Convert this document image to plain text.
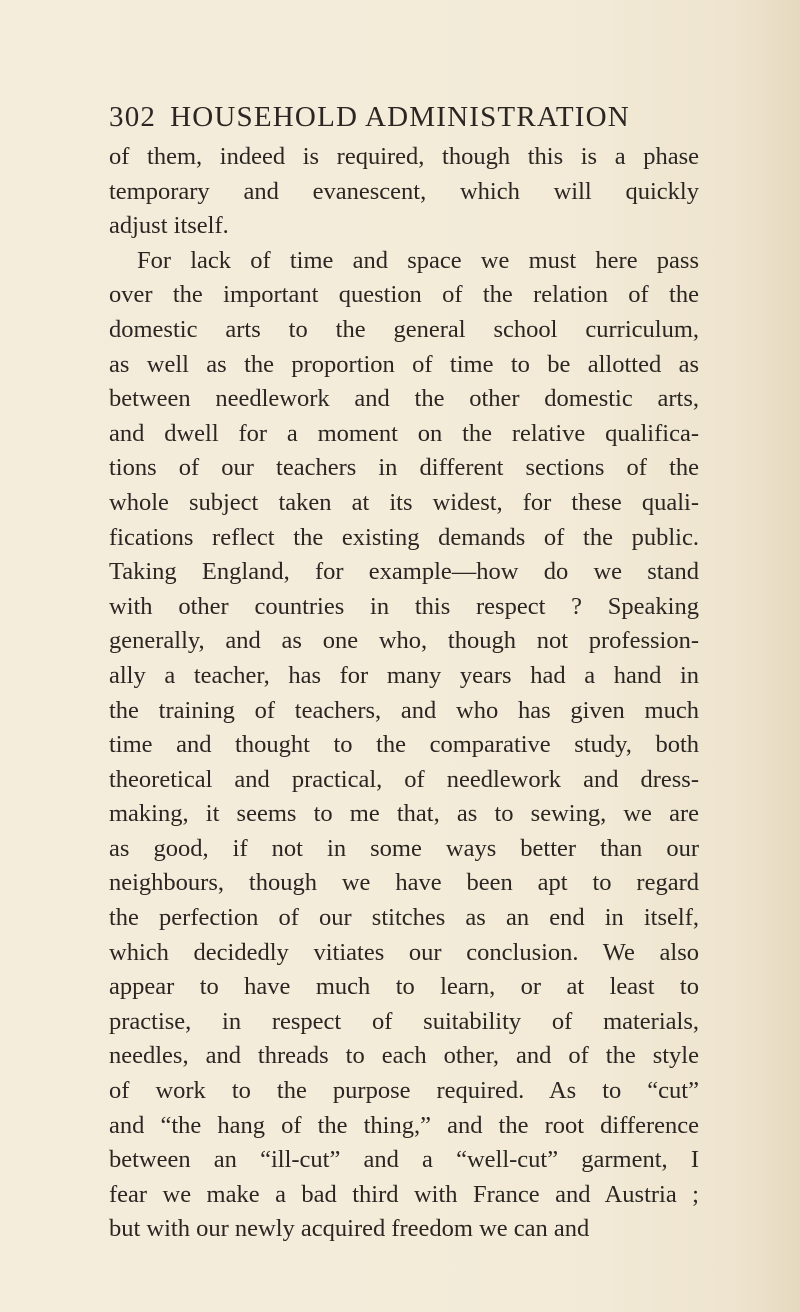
302 HOUSEHOLD ADMINISTRATION
of them, indeed is required, though this is a phase
temporary and evanescent, which will quickly
adjust itself.
For lack of time and space we must here pass
over the important question of the relation of the
domestic arts to the general school curriculum,
as well as the proportion of time to be allotted as
between needlework and the other domestic arts,
and dwell for a moment on the relative qualifica-
tions of our teachers in different sections of the
whole subject taken at its widest, for these quali-
fications reflect the existing demands of the public.
Taking England, for example—how do we stand
with other countries in this respect ? Speaking
generally, and as one who, though not profession-
ally a teacher, has for many years had a hand in
the training of teachers, and who has given much
time and thought to the comparative study, both
theoretical and practical, of needlework and dress-
making, it seems to me that, as to sewing, we are
as good, if not in some ways better than our
neighbours, though we have been apt to regard
the perfection of our stitches as an end in itself,
which decidedly vitiates our conclusion. We also
appear to have much to learn, or at least to
practise, in respect of suitability of materials,
needles, and threads to each other, and of the style
of work to the purpose required. As to “cut”
and “the hang of the thing,” and the root difference
between an “ill-cut” and a “well-cut” garment, I
fear we make a bad third with France and Austria ;
but with our newly acquired freedom we can and
